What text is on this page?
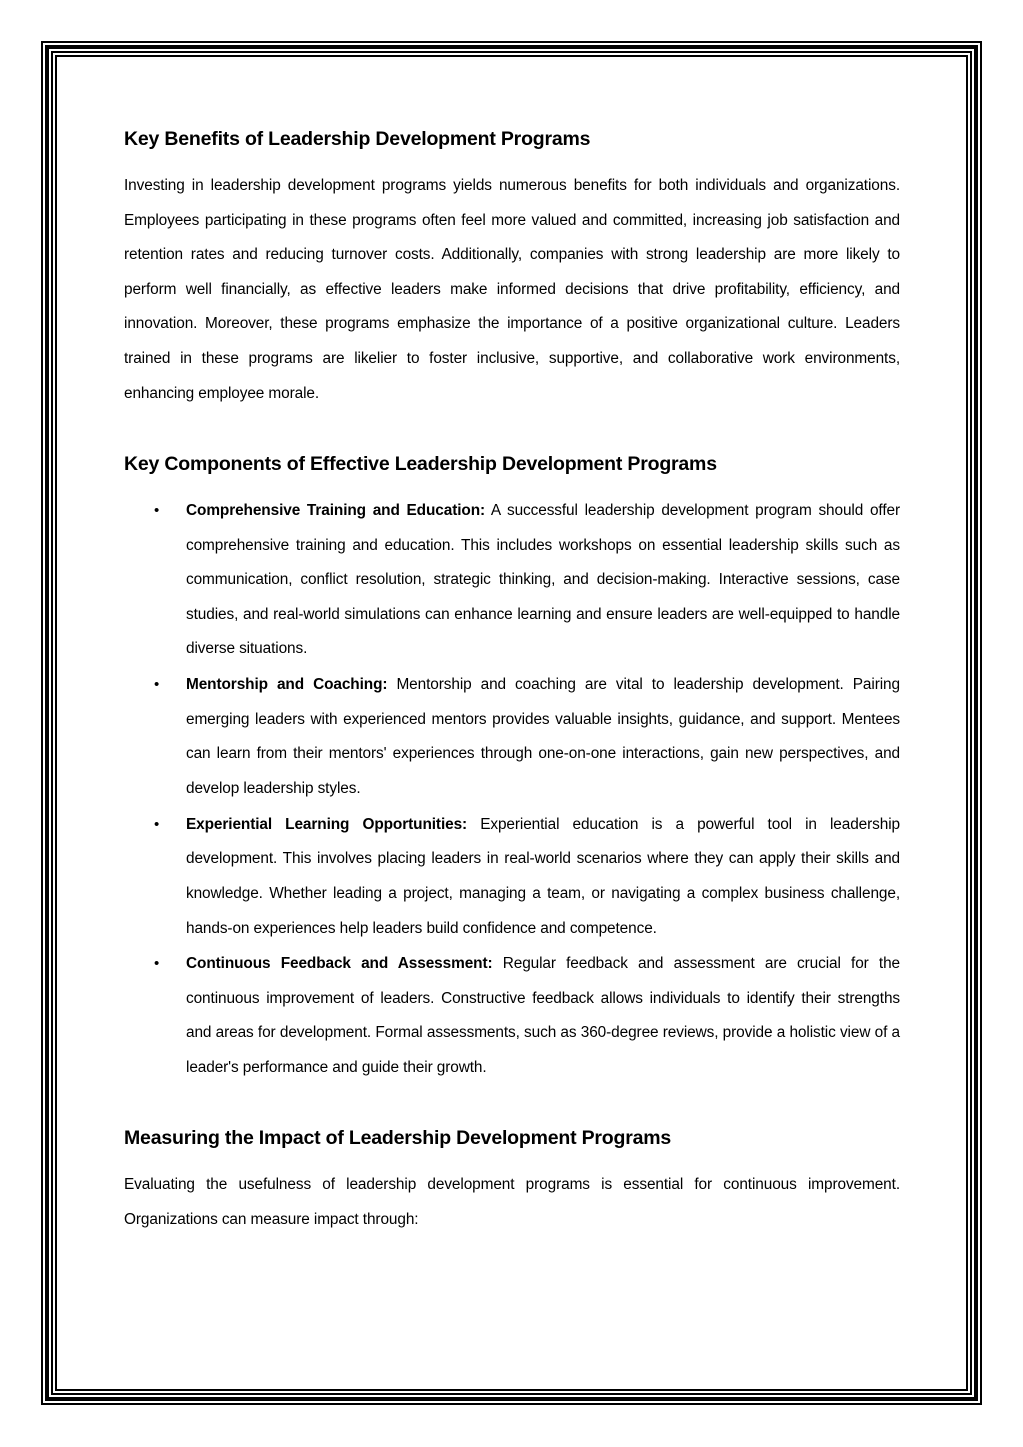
Key Benefits of Leadership Development Programs

Investing in leadership development programs yields numerous benefits for both individuals and organizations. Employees participating in these programs often feel more valued and committed, increasing job satisfaction and retention rates and reducing turnover costs. Additionally, companies with strong leadership are more likely to perform well financially, as effective leaders make informed decisions that drive profitability, efficiency, and innovation. Moreover, these programs emphasize the importance of a positive organizational culture. Leaders trained in these programs are likelier to foster inclusive, supportive, and collaborative work environments, enhancing employee morale.

Key Components of Effective Leadership Development Programs
• Comprehensive Training and Education: A successful leadership development program should offer comprehensive training and education. This includes workshops on essential leadership skills such as communication, conflict resolution, strategic thinking, and decision-making. Interactive sessions, case studies, and real-world simulations can enhance learning and ensure leaders are well-equipped to handle diverse situations.
• Mentorship and Coaching: Mentorship and coaching are vital to leadership development. Pairing emerging leaders with experienced mentors provides valuable insights, guidance, and support. Mentees can learn from their mentors' experiences through one-on-one interactions, gain new perspectives, and develop leadership styles.
• Experiential Learning Opportunities: Experiential education is a powerful tool in leadership development. This involves placing leaders in real-world scenarios where they can apply their skills and knowledge. Whether leading a project, managing a team, or navigating a complex business challenge, hands-on experiences help leaders build confidence and competence.
• Continuous Feedback and Assessment: Regular feedback and assessment are crucial for the continuous improvement of leaders. Constructive feedback allows individuals to identify their strengths and areas for development. Formal assessments, such as 360-degree reviews, provide a holistic view of a leader's performance and guide their growth.
Measuring the Impact of Leadership Development Programs

Evaluating the usefulness of leadership development programs is essential for continuous improvement. Organizations can measure impact through:
